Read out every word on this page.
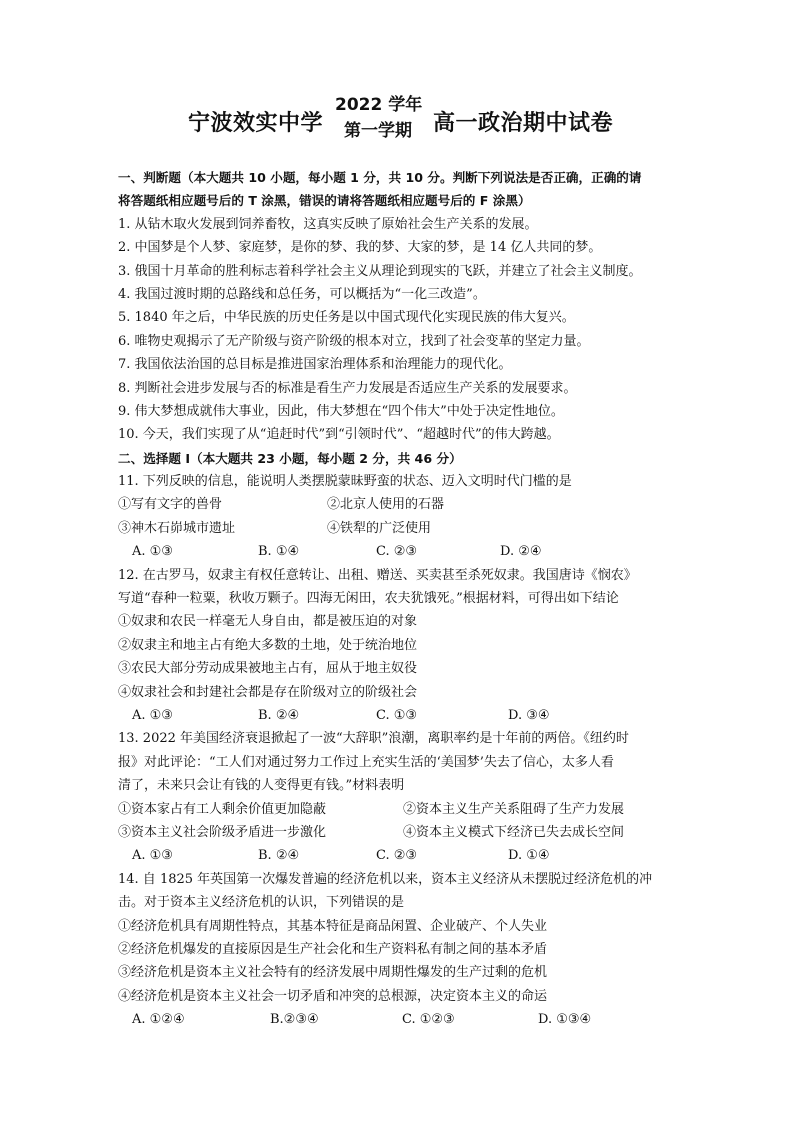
宁波效实中学
2022 学年
第一学期 高一政治期中试卷
一、判断题（本大题共 10 小题，每小题 1 分，共 10 分。判断下列说法是否正确，正确的请
将答题纸相应题号后的 T 涂黑，错误的请将答题纸相应题号后的 F 涂黑）
1. 从钻木取火发展到饲养畜牧，这真实反映了原始社会生产关系的发展。
2. 中国梦是个人梦、家庭梦，是你的梦、我的梦、大家的梦，是 14 亿人共同的梦。
3. 俄国十月革命的胜利标志着科学社会主义从理论到现实的飞跃，并建立了社会主义制度。
4. 我国过渡时期的总路线和总任务，可以概括为“一化三改造”。
5. 1840 年之后，中华民族的历史任务是以中国式现代化实现民族的伟大复兴。
6. 唯物史观揭示了无产阶级与资产阶级的根本对立，找到了社会变革的坚定力量。
7. 我国依法治国的总目标是推进国家治理体系和治理能力的现代化。
8. 判断社会进步发展与否的标准是看生产力发展是否适应生产关系的发展要求。
9. 伟大梦想成就伟大事业，因此，伟大梦想在“四个伟大”中处于决定性地位。
10. 今天，我们实现了从“追赶时代”到“引领时代”、“超越时代”的伟大跨越。
二、选择题 I（本大题共 23 小题，每小题 2 分，共 46 分）
11. 下列反映的信息，能说明人类摆脱蒙昧野蛮的状态、迈入文明时代门槛的是
①写有文字的兽骨	②北京人使用的石器
③神木石峁城市遗址	④铁犁的广泛使用
A. ①③	B. ①④	C. ②③	D. ②④
12. 在古罗马，奴隶主有权任意转让、出租、赠送、买卖甚至杀死奴隶。我国唐诗《悯农》
写道“春种一粒粟，秋收万颗子。四海无闲田，农夫犹饿死。”根据材料，可得出如下结论
①奴隶和农民一样毫无人身自由，都是被压迫的对象
②奴隶主和地主占有绝大多数的土地，处于统治地位
③农民大部分劳动成果被地主占有，屈从于地主奴役
④奴隶社会和封建社会都是存在阶级对立的阶级社会
A. ①③	B. ②④	C. ①③	D. ③④
13. 2022 年美国经济衰退掀起了一波“大辞职”浪潮，离职率约是十年前的两倍。《纽约时
报》对此评论：“工人们对通过努力工作过上充实生活的‘美国梦’失去了信心，太多人看
清了，未来只会让有钱的人变得更有钱。”材料表明
①资本家占有工人剩余价值更加隐蔽	②资本主义生产关系阻碍了生产力发展
③资本主义社会阶级矛盾进一步激化	④资本主义模式下经济已失去成长空间
A. ①③	B. ②④	C. ②③	D. ①④
14. 自 1825 年英国第一次爆发普遍的经济危机以来，资本主义经济从未摆脱过经济危机的冲
击。对于资本主义经济危机的认识，下列错误的是
①经济危机具有周期性特点，其基本特征是商品闲置、企业破产、个人失业
②经济危机爆发的直接原因是生产社会化和生产资料私有制之间的基本矛盾
③经济危机是资本主义社会特有的经济发展中周期性爆发的生产过剩的危机
④经济危机是资本主义社会一切矛盾和冲突的总根源，决定资本主义的命运
A. ①②④	B.②③④	C. ①②③	D. ①③④
